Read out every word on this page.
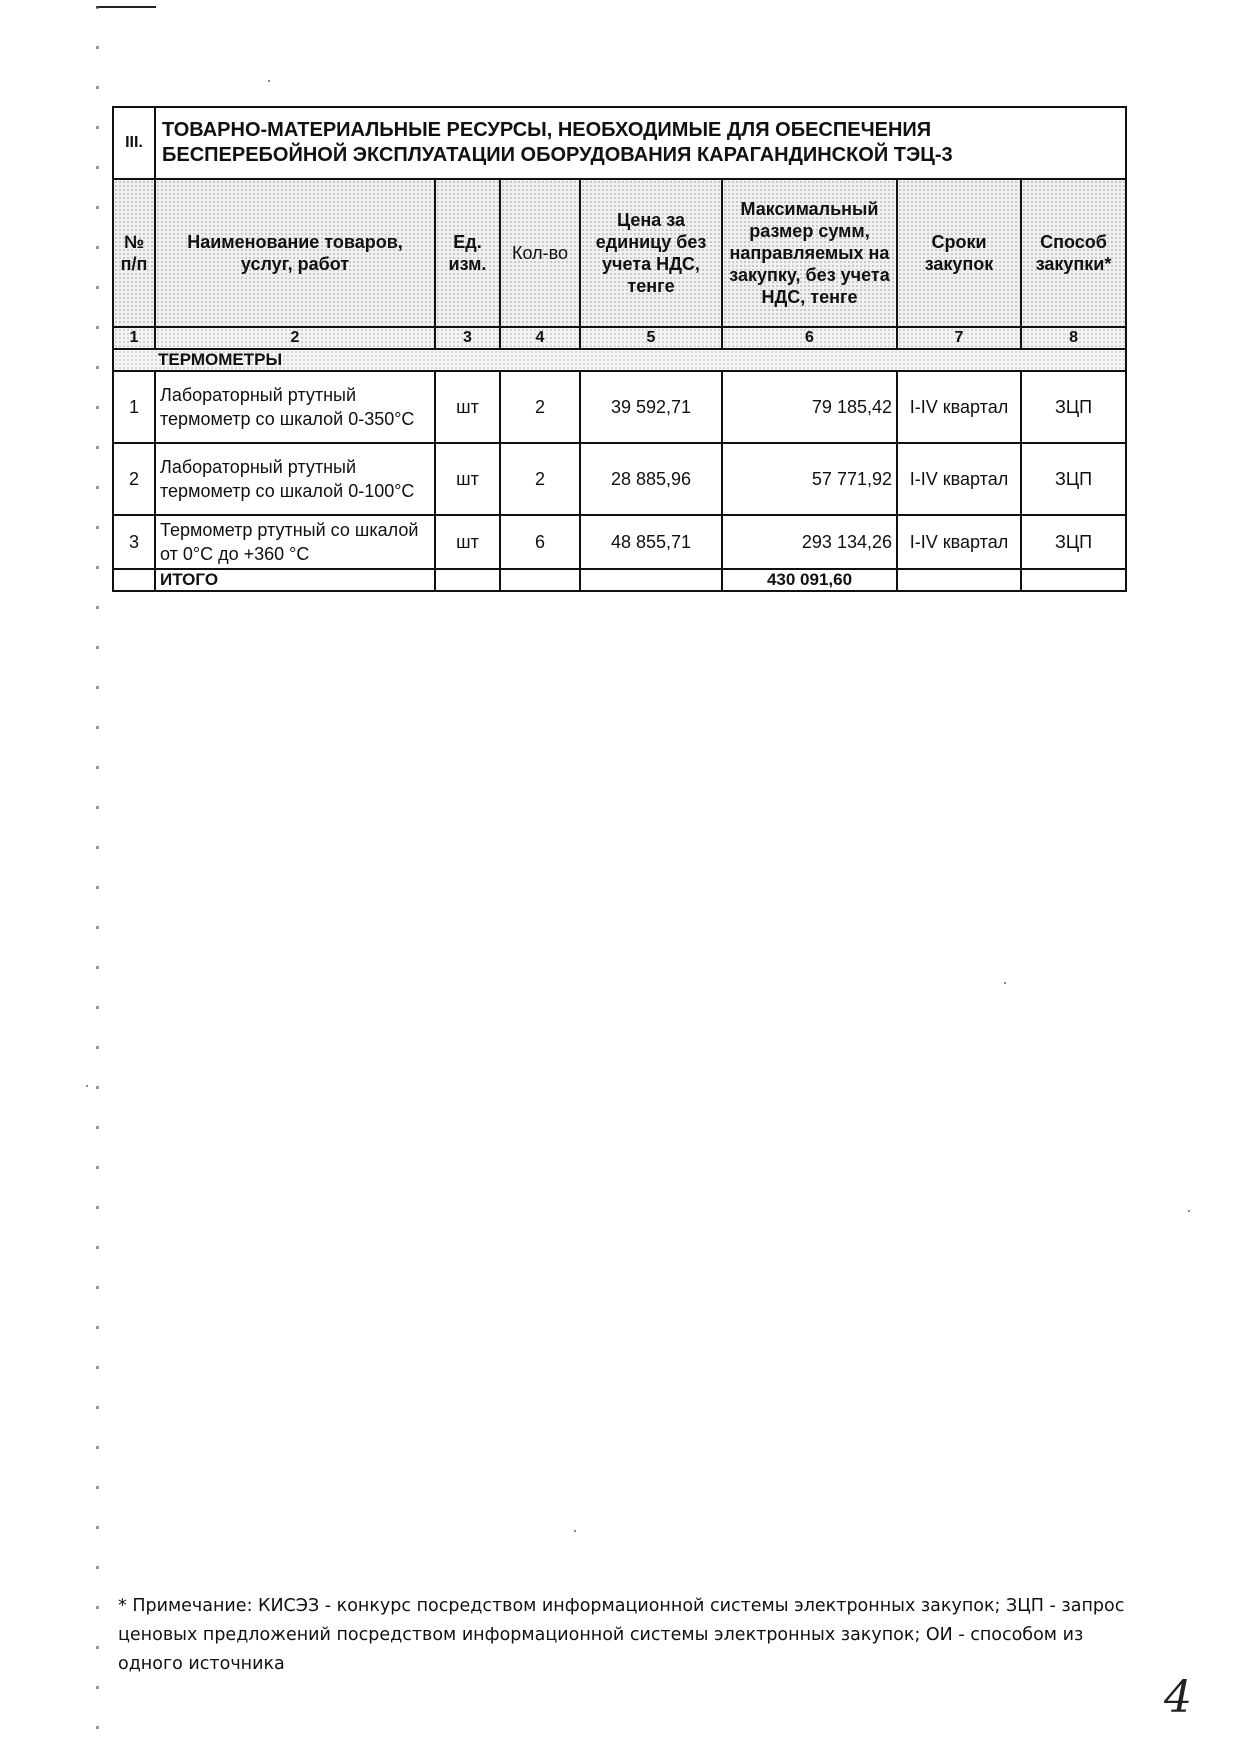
III.	ТОВАРНО-МАТЕРИАЛЬНЫЕ РЕСУРСЫ, НЕОБХОДИМЫЕ ДЛЯ ОБЕСПЕЧЕНИЯ БЕСПЕРЕБОЙНОЙ ЭКСПЛУАТАЦИИ ОБОРУДОВАНИЯ КАРАГАНДИНСКОЙ ТЭЦ-3						
№ п/п	Наименование товаров, услуг, работ	Ед. изм.	Кол-во	Цена за единицу без учета НДС, тенге	Максимальный размер сумм, направляемых на закупку, без учета НДС, тенге	Сроки закупок	Способ закупки*
1	2	3	4	5	6	7	8
ТЕРМОМЕТРЫ							
1	Лабораторный ртутный термометр со шкалой 0-350°С	шт	2	39 592,71	79 185,42	I-IV квартал	ЗЦП
2	Лабораторный ртутный термометр со шкалой 0-100°С	шт	2	28 885,96	57 771,92	I-IV квартал	ЗЦП
3	Термометр ртутный со шкалой от 0°С до +360 °С	шт	6	48 855,71	293 134,26	I-IV квартал	ЗЦП
	ИТОГО				430 091,60		
* Примечание: КИСЭЗ - конкурс посредством информационной системы электронных закупок; ЗЦП - запрос ценовых предложений посредством информационной системы электронных закупок; ОИ - способом из одного источника
4
